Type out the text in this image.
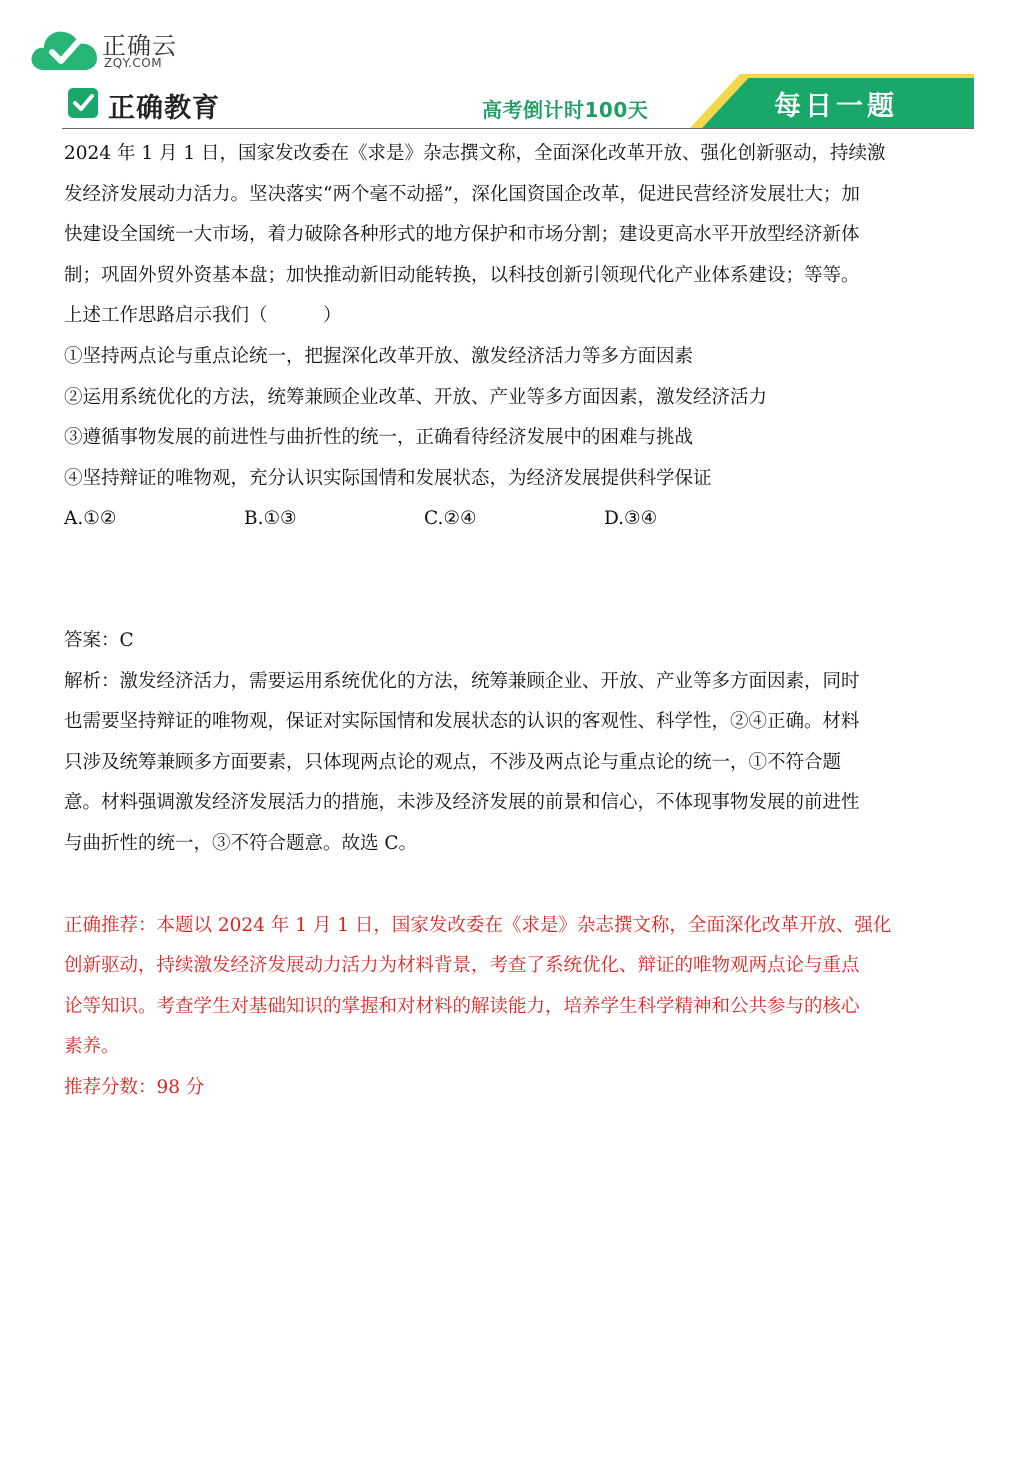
正确云
ZQY.COM
正确教育	高考倒计时100天	每日一题

2024 年 1 月 1 日，国家发改委在《求是》杂志撰文称，全面深化改革开放、强化创新驱动，持续激

发经济发展动力活力。坚决落实“两个毫不动摇”，深化国资国企改革，促进民营经济发展壮大；加

快建设全国统一大市场，着力破除各种形式的地方保护和市场分割；建设更高水平开放型经济新体

制；巩固外贸外资基本盘；加快推动新旧动能转换，以科技创新引领现代化产业体系建设；等等。

上述工作思路启示我们（　　　）

①坚持两点论与重点论统一，把握深化改革开放、激发经济活力等多方面因素

②运用系统优化的方法，统筹兼顾企业改革、开放、产业等多方面因素，激发经济活力

③遵循事物发展的前进性与曲折性的统一，正确看待经济发展中的困难与挑战

④坚持辩证的唯物观，充分认识实际国情和发展状态，为经济发展提供科学保证

A.①②	B.①③	C.②④	D.③④

答案：C

解析：激发经济活力，需要运用系统优化的方法，统筹兼顾企业、开放、产业等多方面因素，同时

也需要坚持辩证的唯物观，保证对实际国情和发展状态的认识的客观性、科学性，②④正确。材料

只涉及统筹兼顾多方面要素，只体现两点论的观点，不涉及两点论与重点论的统一，①不符合题

意。材料强调激发经济发展活力的措施，未涉及经济发展的前景和信心，不体现事物发展的前进性

与曲折性的统一，③不符合题意。故选 C。

正确推荐：本题以 2024 年 1 月 1 日，国家发改委在《求是》杂志撰文称，全面深化改革开放、强化

创新驱动，持续激发经济发展动力活力为材料背景，考查了系统优化、辩证的唯物观两点论与重点

论等知识。考查学生对基础知识的掌握和对材料的解读能力，培养学生科学精神和公共参与的核心

素养。

推荐分数：98 分
